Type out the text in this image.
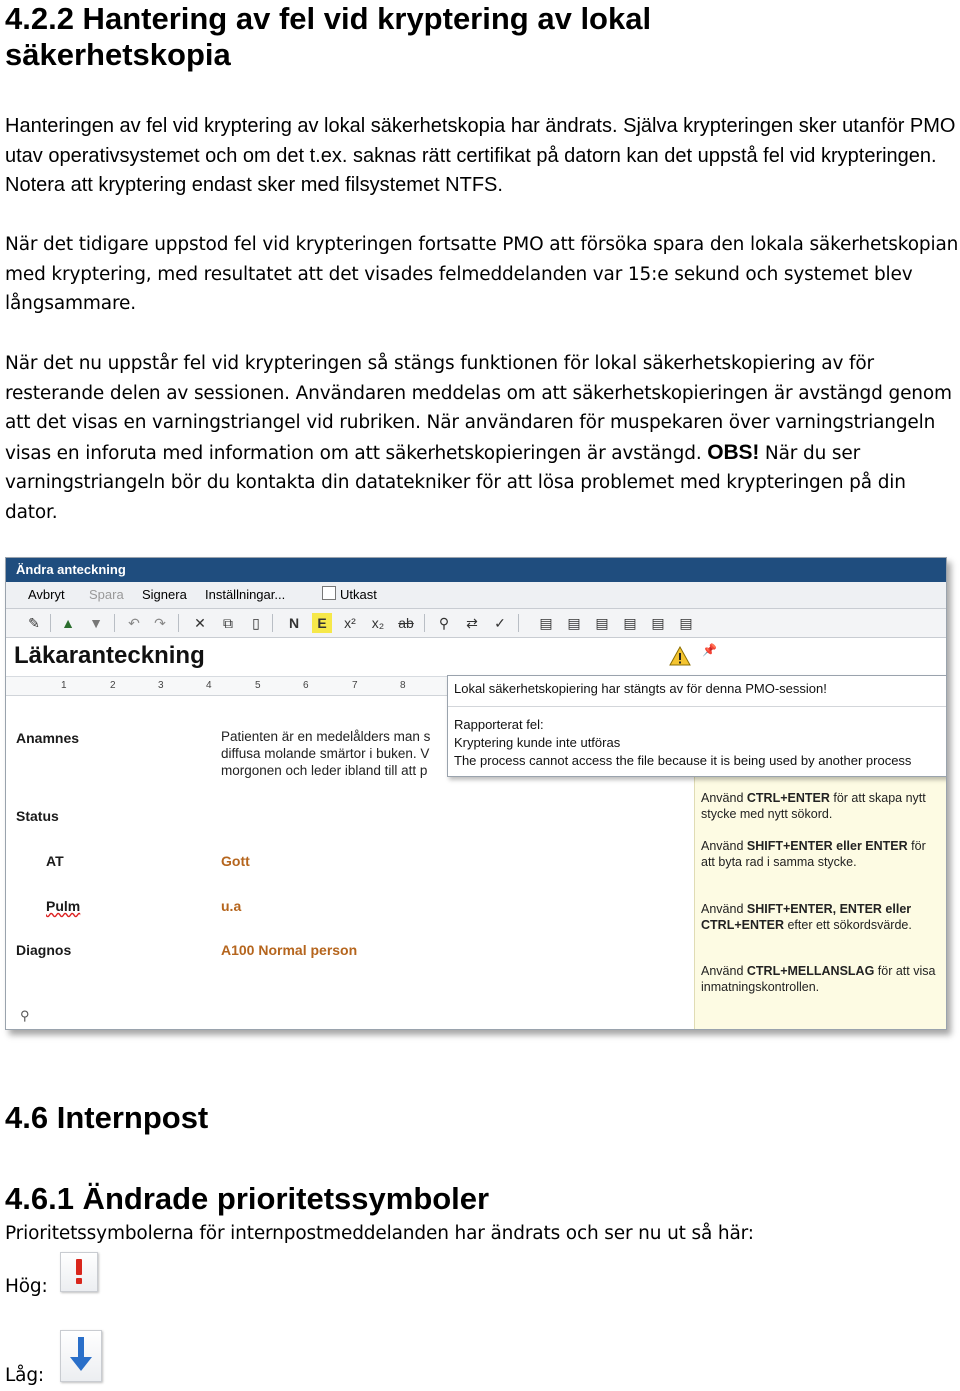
4.2.2 Hantering av fel vid kryptering av lokal
säkerhetskopia

Hanteringen av fel vid kryptering av lokal säkerhetskopia har ändrats. Själva krypteringen sker utanför PMO utav operativsystemet och om det t.ex. saknas rätt certifikat på datorn kan det uppstå fel vid krypteringen. Notera att kryptering endast sker med filsystemet NTFS.

När det tidigare uppstod fel vid krypteringen fortsatte PMO att försöka spara den lokala säkerhetskopian med kryptering, med resultatet att det visades felmeddelanden var 15:e sekund och systemet blev långsammare.

När det nu uppstår fel vid krypteringen så stängs funktionen för lokal säkerhetskopiering av för resterande delen av sessionen. Användaren meddelas om att säkerhetskopieringen är avstängd genom att det visas en varningstriangel vid rubriken. När användaren för muspekaren över varningstriangeln visas en inforuta med information om att säkerhetskopieringen är avstängd. OBS! När du ser varningstriangeln bör du kontakta din datatekniker för att lösa problemet med krypteringen på din dator.

Ändra anteckning
Avbryt Spara Signera Inställningar...	Utkast
✎ ▲ ▼ ↶ ↷ ✕	⧉	▯	N	E	x² x₂ ab	⚲	⇄ ✓ ▤ ▤ ▤ ▤ ▤ ▤
Läkaranteckning	📌
1	2	3	4	5	6	7	8
Anamnes	Patienten är en medelålders man s diffusa molande smärtor i buken. V morgonen och leder ibland till att p
Status
AT	Gott
Pulm	u.a
Diagnos	A100 Normal person
⚲

Använd CTRL+ENTER för att skapa nytt stycke med nytt sökord.

Använd SHIFT+ENTER eller ENTER för att byta rad i samma stycke.

Använd SHIFT+ENTER, ENTER eller CTRL+ENTER efter ett sökordsvärde.

Använd CTRL+MELLANSLAG för att visa inmatningskontrollen.

Lokal säkerhetskopiering har stängts av för denna PMO-session!
Rapporterat fel:
Kryptering kunde inte utföras
The process cannot access the file because it is being used by another process
4.6 Internpost
4.6.1 Ändrade prioritetssymboler

Prioritetssymbolerna för internpostmeddelanden har ändrats och ser nu ut så här:

Hög:
Låg:
